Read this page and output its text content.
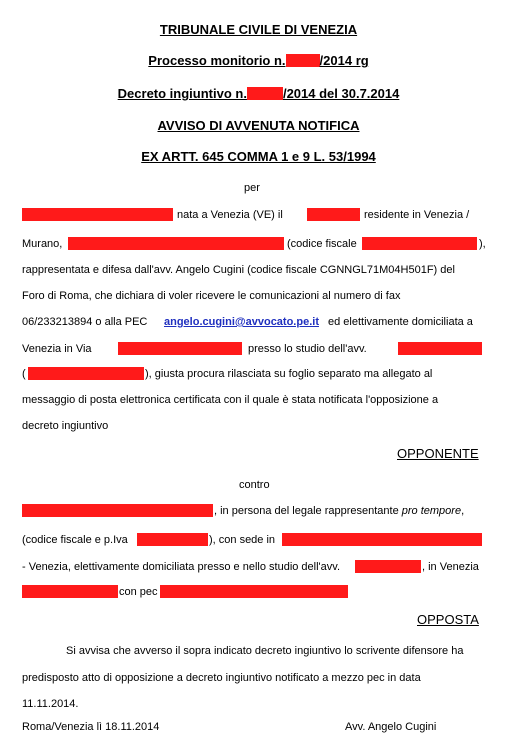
TRIBUNALE CIVILE DI VENEZIA
Processo monitorio n.	/2014 rg
Decreto ingiuntivo n.	/2014 del 30.7.2014
AVVISO DI AVVENUTA NOTIFICA
EX ARTT. 645 COMMA 1 e 9 L. 53/1994
per
nata a Venezia (VE) il	residente in Venezia /
Murano,	(codice fiscale	),
rappresentata e difesa dall'avv. Angelo Cugini (codice fiscale CGNNGL71M04H501F) del
Foro di Roma, che dichiara di voler ricevere le comunicazioni al numero di fax
06/233213894 o alla PEC angelo.cugini@avvocato.pe.it ed elettivamente domiciliata a
Venezia in Via	presso lo studio dell'avv.
(	), giusta procura rilasciata su foglio separato ma allegato al
messaggio di posta elettronica certificata con il quale è stata notificata l'opposizione a
decreto ingiuntivo
OPPONENTE
contro
, in persona del legale rappresentante pro tempore,
(codice fiscale e p.Iva	), con sede in
- Venezia, elettivamente domiciliata presso e nello studio dell'avv.	, in Venezia
con pec
OPPOSTA
Si avvisa che avverso il sopra indicato decreto ingiuntivo lo scrivente difensore ha
predisposto atto di opposizione a decreto ingiuntivo notificato a mezzo pec in data
11.11.2014.
Roma/Venezia lì 18.11.2014	Avv. Angelo Cugini
